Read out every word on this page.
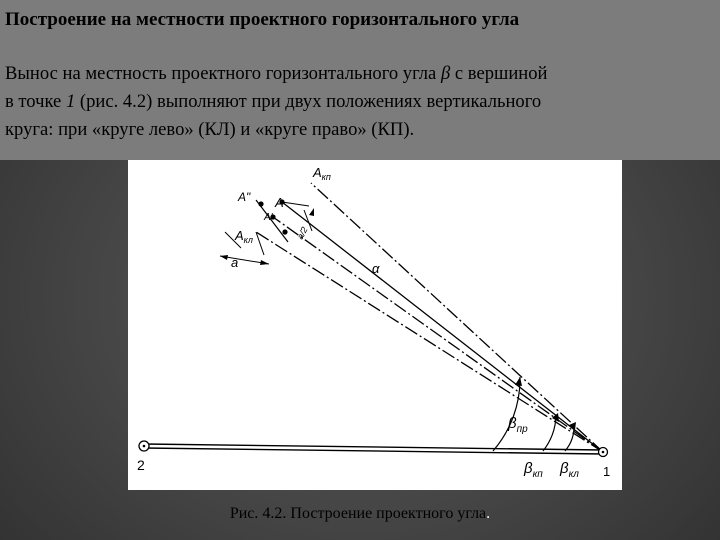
Построение на местности проектного горизонтального угла

Вынос на местность проектного горизонтального угла β с вершиной

в точке 1 (рис. 4.2) выполняют при двух положениях вертикального

круга: при «круге лево» (КЛ) и «круге право» (КП).

$A_{кп}$
A" A
A'
$A_{кл}$
a
a/2
α
$\beta_{пр}$
$\beta_{кп}$ $\beta_{кл}$ 1
2
Рис. 4.2. Построение проектного угла.
